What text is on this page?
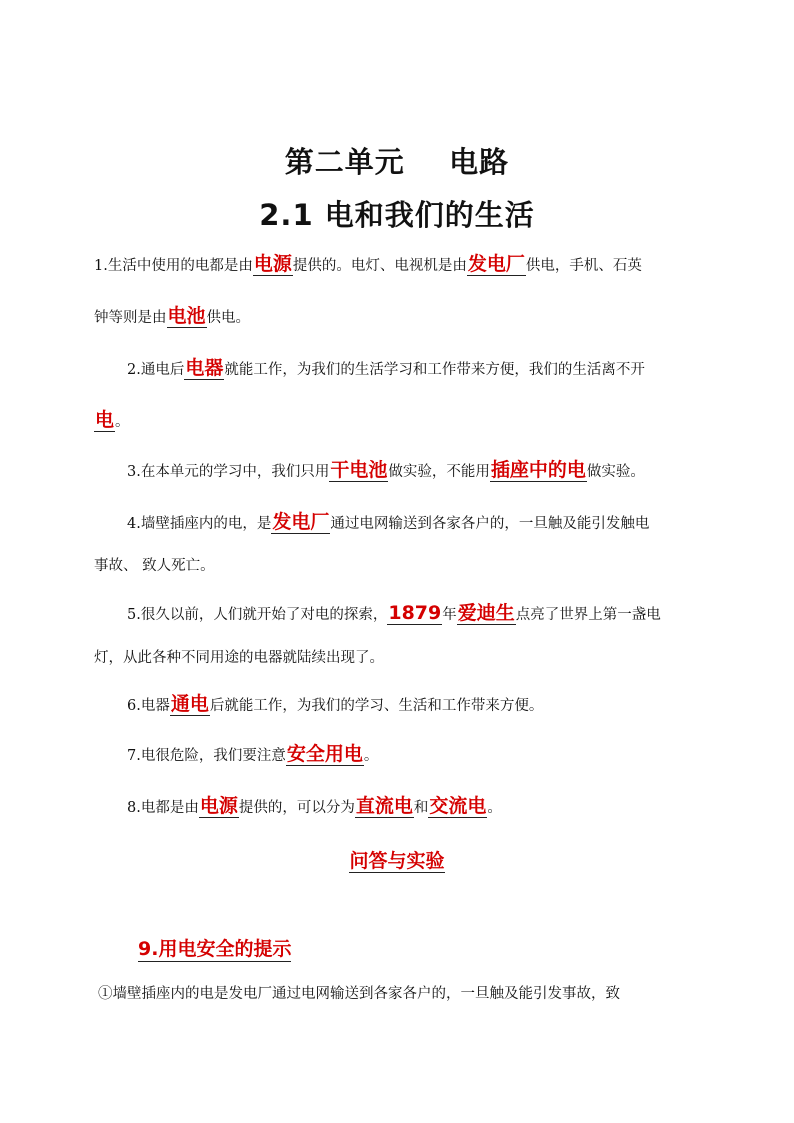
第二单元    电路
2.1 电和我们的生活
1.生活中使用的电都是由电源提供的。电灯、电视机是由发电厂供电，手机、石英
钟等则是由电池供电。
2.通电后电器就能工作，为我们的生活学习和工作带来方便，我们的生活离不开
电。
3.在本单元的学习中，我们只用干电池做实验，不能用插座中的电做实验。
4.墙壁插座内的电，是发电厂通过电网输送到各家各户的，一旦触及能引发触电
事故、 致人死亡。
5.很久以前，人们就开始了对电的探索，1879年爱迪生点亮了世界上第一盏电
灯，从此各种不同用途的电器就陆续出现了。
6.电器通电后就能工作，为我们的学习、生活和工作带来方便。
7.电很危险，我们要注意安全用电。
8.电都是由电源提供的，可以分为直流电和交流电。
问答与实验
9.用电安全的提示
①墙壁插座内的电是发电厂通过电网输送到各家各户的，一旦触及能引发事故，致
